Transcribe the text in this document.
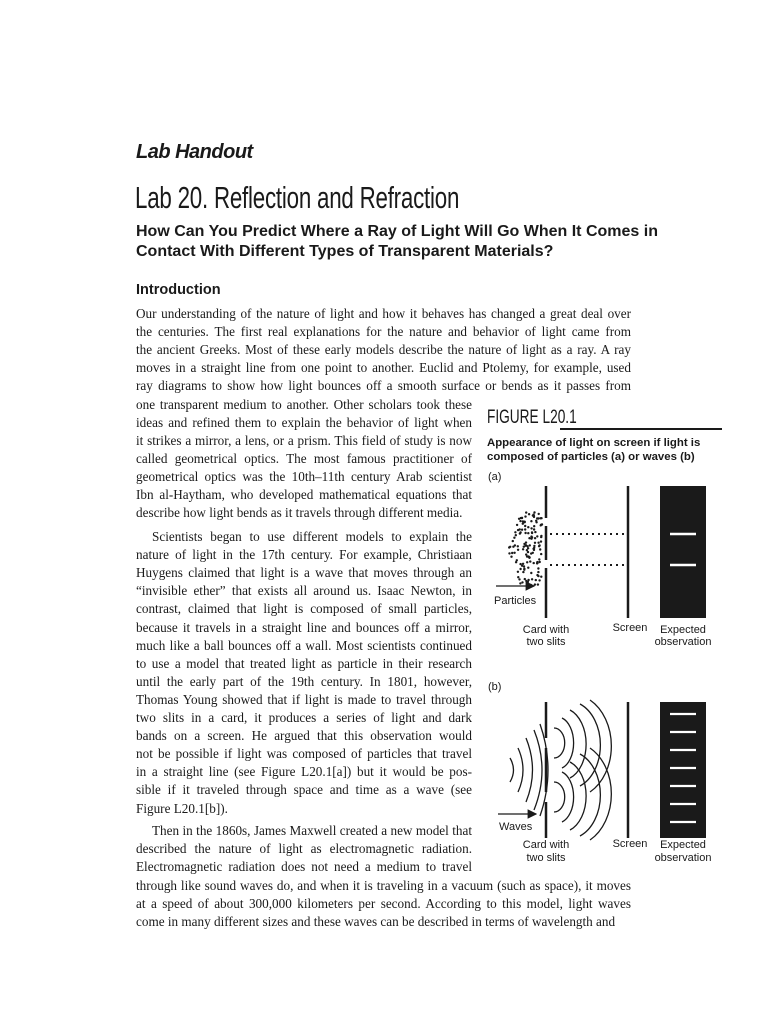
Lab Handout
Lab 20. Reflection and Refraction
How Can You Predict Where a Ray of Light Will Go When It Comes in Contact With Different Types of Transparent Materials?
Introduction
Our understanding of the nature of light and how it behaves has changed a great deal over
the centuries. The first real explanations for the nature and behavior of light came from
the ancient Greeks. Most of these early models describe the nature of light as a ray. A ray
moves in a straight line from one point to another. Euclid and Ptolemy, for example, used
ray diagrams to show how light bounces off a smooth surface or bends as it passes from
one transparent medium to another. Other scholars took these
ideas and refined them to explain the behavior of light when
it strikes a mirror, a lens, or a prism. This field of study is now
called geometrical optics. The most famous practitioner of
geometrical optics was the 10th–11th century Arab scientist
Ibn al-Haytham, who developed mathematical equations that
describe how light bends as it travels through different media.
Scientists began to use different models to explain the
nature of light in the 17th century. For example, Christiaan
Huygens claimed that light is a wave that moves through an
“invisible ether” that exists all around us. Isaac Newton, in
contrast, claimed that light is composed of small particles,
because it travels in a straight line and bounces off a mirror,
much like a ball bounces off a wall. Most scientists continued
to use a model that treated light as particle in their research
until the early part of the 19th century. In 1801, however,
Thomas Young showed that if light is made to travel through
two slits in a card, it produces a series of light and dark
bands on a screen. He argued that this observation would
not be possible if light was composed of particles that travel
in a straight line (see Figure L20.1[a]) but it would be pos-
sible if it traveled through space and time as a wave (see
Figure L20.1[b]).
Then in the 1860s, James Maxwell created a new model that
described the nature of light as electromagnetic radiation.
Electromagnetic radiation does not need a medium to travel
through like sound waves do, and when it is traveling in a vacuum (such as space), it moves
at a speed of about 300,000 kilometers per second. According to this model, light waves
come in many different sizes and these waves can be described in terms of wavelength and
FIGURE L20.1
Appearance of light on screen if light is composed of particles (a) or waves (b)
(a)
Particles
Card with
two slits
Screen Expected
observation
(b)
Waves
Card with
two slits
Screen Expected
observation
